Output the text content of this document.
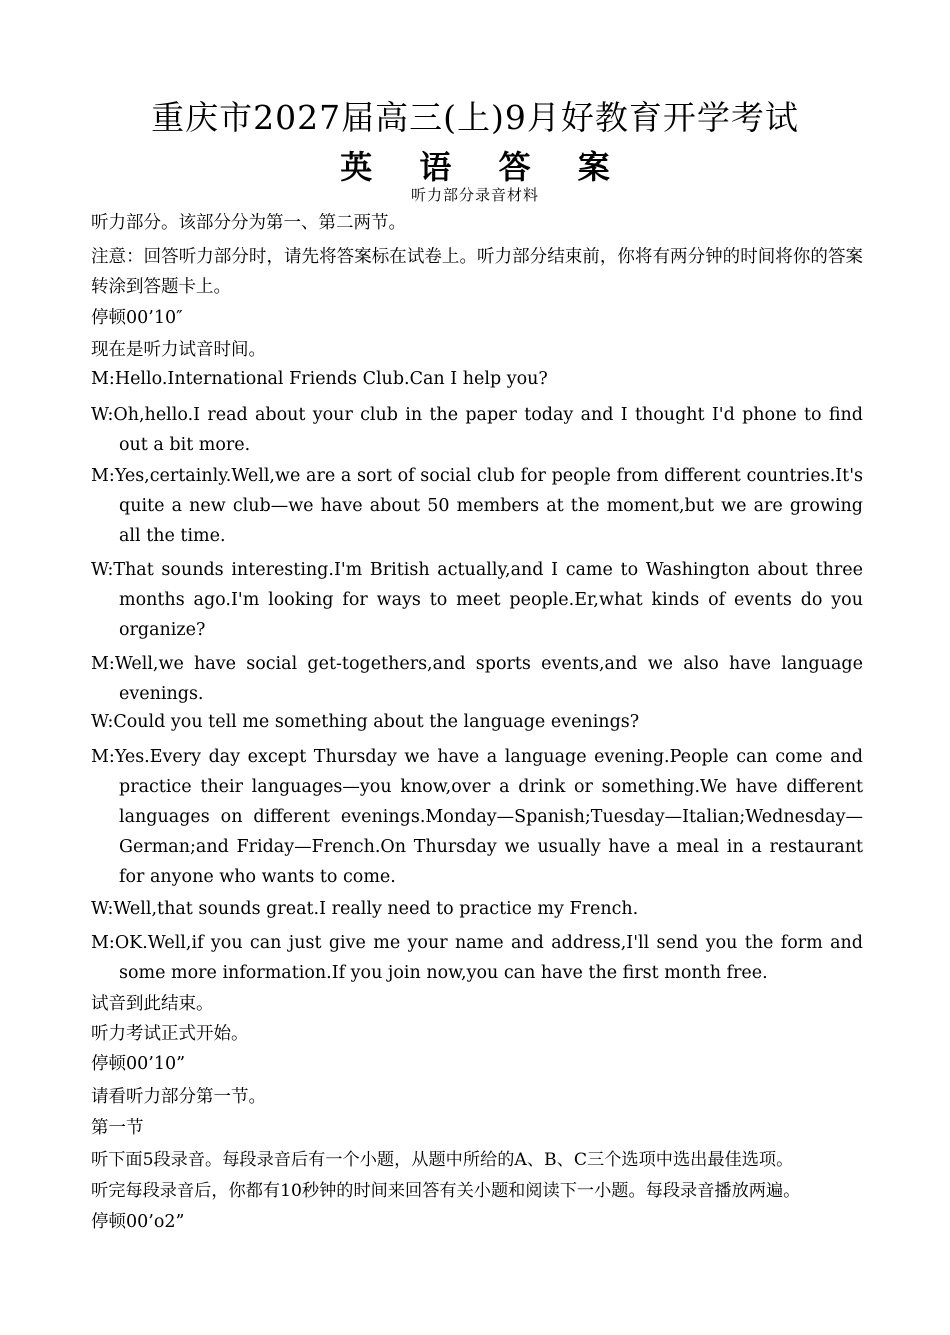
重庆市2027届高三(上)9月好教育开学考试
英 语 答 案
听力部分录音材料
听力部分。该部分分为第一、第二两节。
注意：回答听力部分时，请先将答案标在试卷上。听力部分结束前，你将有两分钟的时间将你的答案转涂到答题卡上。
停顿00’10″
现在是听力试音时间。
M:Hello.International Friends Club.Can I help you?
W:Oh,hello.I read about your club in the paper today and I thought I'd phone to find out a bit more.
M:Yes,certainly.Well,we are a sort of social club for people from different countries.It's quite a new club—we have about 50 members at the moment,but we are growing all the time.
W:That sounds interesting.I'm British actually,and I came to Washington about three months ago.I'm looking for ways to meet people.Er,what kinds of events do you organize?
M:Well,we have social get-togethers,and sports events,and we also have language evenings.
W:Could you tell me something about the language evenings?
M:Yes.Every day except Thursday we have a language evening.People can come and practice their languages—you know,over a drink or something.We have different languages on different evenings.Monday—Spanish;Tuesday—Italian;Wednesday—German;and Friday—French.On Thursday we usually have a meal in a restaurant for anyone who wants to come.
W:Well,that sounds great.I really need to practice my French.
M:OK.Well,if you can just give me your name and address,I'll send you the form and some more information.If you join now,you can have the first month free.
试音到此结束。
听力考试正式开始。
停顿00’10”
请看听力部分第一节。
第一节
听下面5段录音。每段录音后有一个小题，从题中所给的A、B、C三个选项中选出最佳选项。
听完每段录音后，你都有10秒钟的时间来回答有关小题和阅读下一小题。每段录音播放两遍。
停顿00’o2”
